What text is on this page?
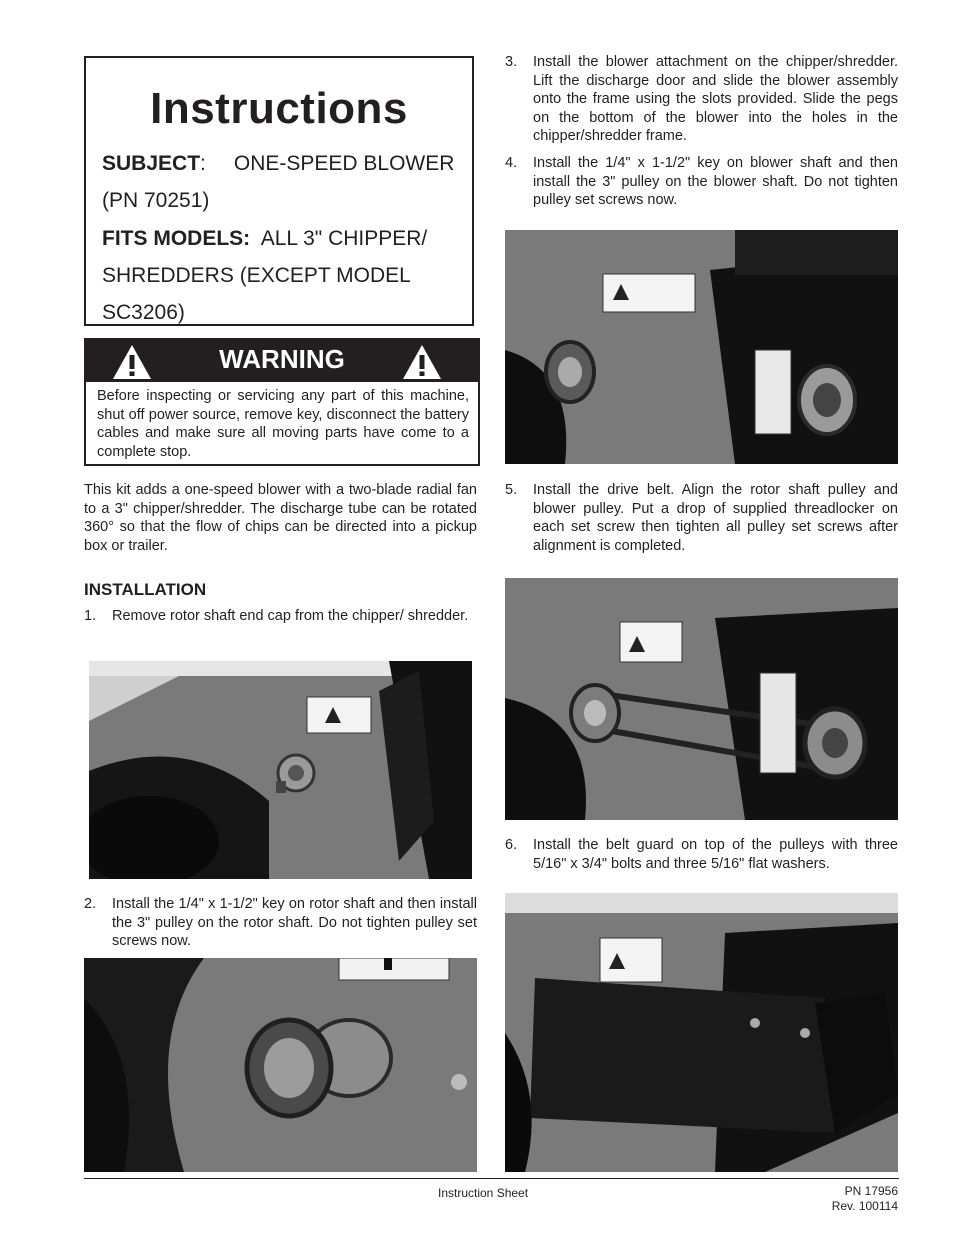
Instructions
SUBJECT: ONE-SPEED BLOWER
(PN 70251)
FITS MODELS: ALL 3" CHIPPER/
SHREDDERS (EXCEPT MODEL
SC3206)
WARNING
Before inspecting or servicing any part of this machine, shut off power source, remove key, disconnect the battery cables and make sure all moving parts have come to a complete stop.
This kit adds a one-speed blower with a two-blade radial fan to a 3" chipper/shredder. The discharge tube can be rotated 360° so that the flow of chips can be directed into a pickup box or trailer.
INSTALLATION
1. Remove rotor shaft end cap from the chipper/ shredder.
2. Install the 1/4" x 1-1/2" key on rotor shaft and then install the 3" pulley on the rotor shaft. Do not tighten pulley set screws now.
3. Install the blower attachment on the chipper/shredder. Lift the discharge door and slide the blower assembly onto the frame using the slots provided. Slide the pegs on the bottom of the blower into the holes in the chipper/shredder frame.
4. Install the 1/4" x 1-1/2" key on blower shaft and then install the 3" pulley on the blower shaft. Do not tighten pulley set screws now.
5. Install the drive belt. Align the rotor shaft pulley and blower pulley. Put a drop of supplied threadlocker on each set screw then tighten all pulley set screws after alignment is completed.
6. Install the belt guard on top of the pulleys with three 5/16" x 3/4" bolts and three 5/16" flat washers.
Instruction Sheet	PN 17956
Rev. 100114
